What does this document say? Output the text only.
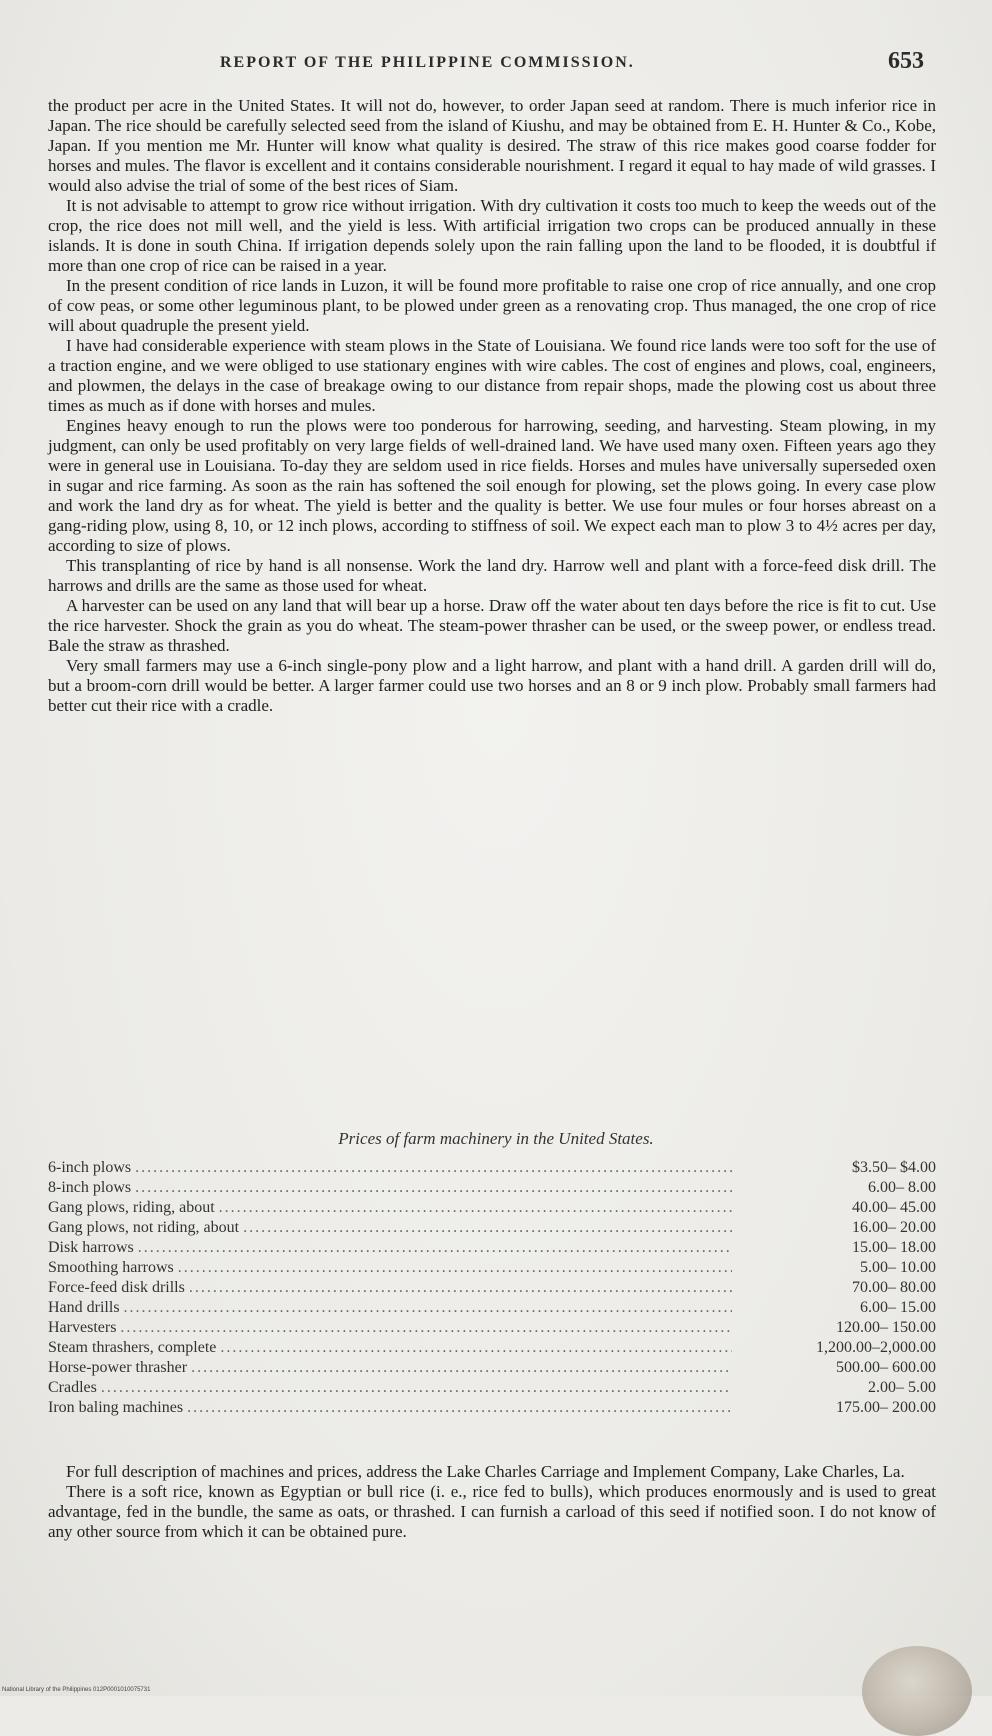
REPORT OF THE PHILIPPINE COMMISSION.	653

the product per acre in the United States. It will not do, however, to order Japan seed at random. There is much inferior rice in Japan. The rice should be carefully selected seed from the island of Kiushu, and may be obtained from E. H. Hunter & Co., Kobe, Japan. If you mention me Mr. Hunter will know what quality is desired. The straw of this rice makes good coarse fodder for horses and mules. The flavor is excellent and it contains considerable nourishment. I regard it equal to hay made of wild grasses. I would also advise the trial of some of the best rices of Siam.

It is not advisable to attempt to grow rice without irrigation. With dry cultivation it costs too much to keep the weeds out of the crop, the rice does not mill well, and the yield is less. With artificial irrigation two crops can be produced annually in these islands. It is done in south China. If irrigation depends solely upon the rain falling upon the land to be flooded, it is doubtful if more than one crop of rice can be raised in a year.

In the present condition of rice lands in Luzon, it will be found more profitable to raise one crop of rice annually, and one crop of cow peas, or some other leguminous plant, to be plowed under green as a renovating crop. Thus managed, the one crop of rice will about quadruple the present yield.

I have had considerable experience with steam plows in the State of Louisiana. We found rice lands were too soft for the use of a traction engine, and we were obliged to use stationary engines with wire cables. The cost of engines and plows, coal, engineers, and plowmen, the delays in the case of breakage owing to our distance from repair shops, made the plowing cost us about three times as much as if done with horses and mules.

Engines heavy enough to run the plows were too ponderous for harrowing, seeding, and harvesting. Steam plowing, in my judgment, can only be used profitably on very large fields of well-drained land. We have used many oxen. Fifteen years ago they were in general use in Louisiana. To-day they are seldom used in rice fields. Horses and mules have universally superseded oxen in sugar and rice farming. As soon as the rain has softened the soil enough for plowing, set the plows going. In every case plow and work the land dry as for wheat. The yield is better and the quality is better. We use four mules or four horses abreast on a gang-riding plow, using 8, 10, or 12 inch plows, according to stiffness of soil. We expect each man to plow 3 to 4½ acres per day, according to size of plows.

This transplanting of rice by hand is all nonsense. Work the land dry. Harrow well and plant with a force-feed disk drill. The harrows and drills are the same as those used for wheat.

A harvester can be used on any land that will bear up a horse. Draw off the water about ten days before the rice is fit to cut. Use the rice harvester. Shock the grain as you do wheat. The steam-power thrasher can be used, or the sweep power, or endless tread. Bale the straw as thrashed.

Very small farmers may use a 6-inch single-pony plow and a light harrow, and plant with a hand drill. A garden drill will do, but a broom-corn drill would be better. A larger farmer could use two horses and an 8 or 9 inch plow. Probably small farmers had better cut their rice with a cradle.

Prices of farm machinery in the United States.
6-inch plows .....	$3.50– $4.00
8-inch plows .....	6.00– 8.00
Gang plows, riding, about .....	40.00– 45.00
Gang plows, not riding, about .....	16.00– 20.00
Disk harrows .....	15.00– 18.00
Smoothing harrows .....	5.00– 10.00
Force-feed disk drills .....	70.00– 80.00
Hand drills .....	6.00– 15.00
Harvesters .....	120.00– 150.00
Steam thrashers, complete .....	1,200.00–2,000.00
Horse-power thrasher .....	500.00– 600.00
Cradles .....	2.00– 5.00
Iron baling machines .....	175.00– 200.00

For full description of machines and prices, address the Lake Charles Carriage and Implement Company, Lake Charles, La.

There is a soft rice, known as Egyptian or bull rice (i. e., rice fed to bulls), which produces enormously and is used to great advantage, fed in the bundle, the same as oats, or thrashed. I can furnish a carload of this seed if notified soon. I do not know of any other source from which it can be obtained pure.

National Library of the Philippines 012P0001010075731
